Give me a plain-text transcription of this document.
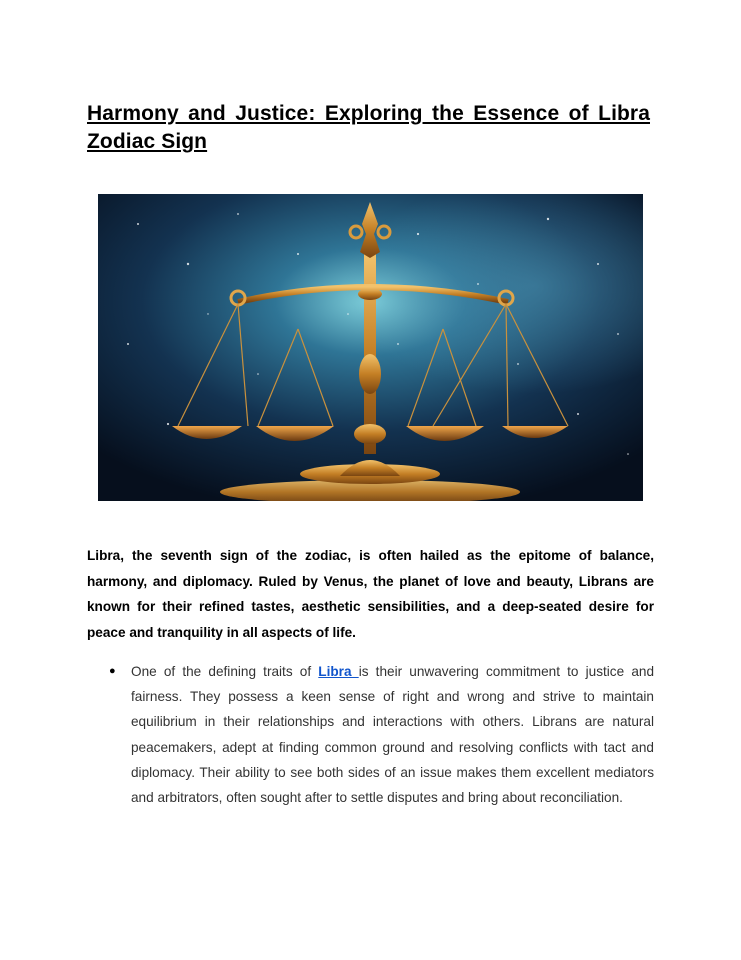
Harmony and Justice: Exploring the Essence of Libra Zodiac Sign
Libra, the seventh sign of the zodiac, is often hailed as the epitome of balance, harmony, and diplomacy. Ruled by Venus, the planet of love and beauty, Librans are known for their refined tastes, aesthetic sensibilities, and a deep-seated desire for peace and tranquility in all aspects of life.
● One of the defining traits of Libra is their unwavering commitment to justice and fairness. They possess a keen sense of right and wrong and strive to maintain equilibrium in their relationships and interactions with others. Librans are natural peacemakers, adept at finding common ground and resolving conflicts with tact and diplomacy. Their ability to see both sides of an issue makes them excellent mediators and arbitrators, often sought after to settle disputes and bring about reconciliation.
